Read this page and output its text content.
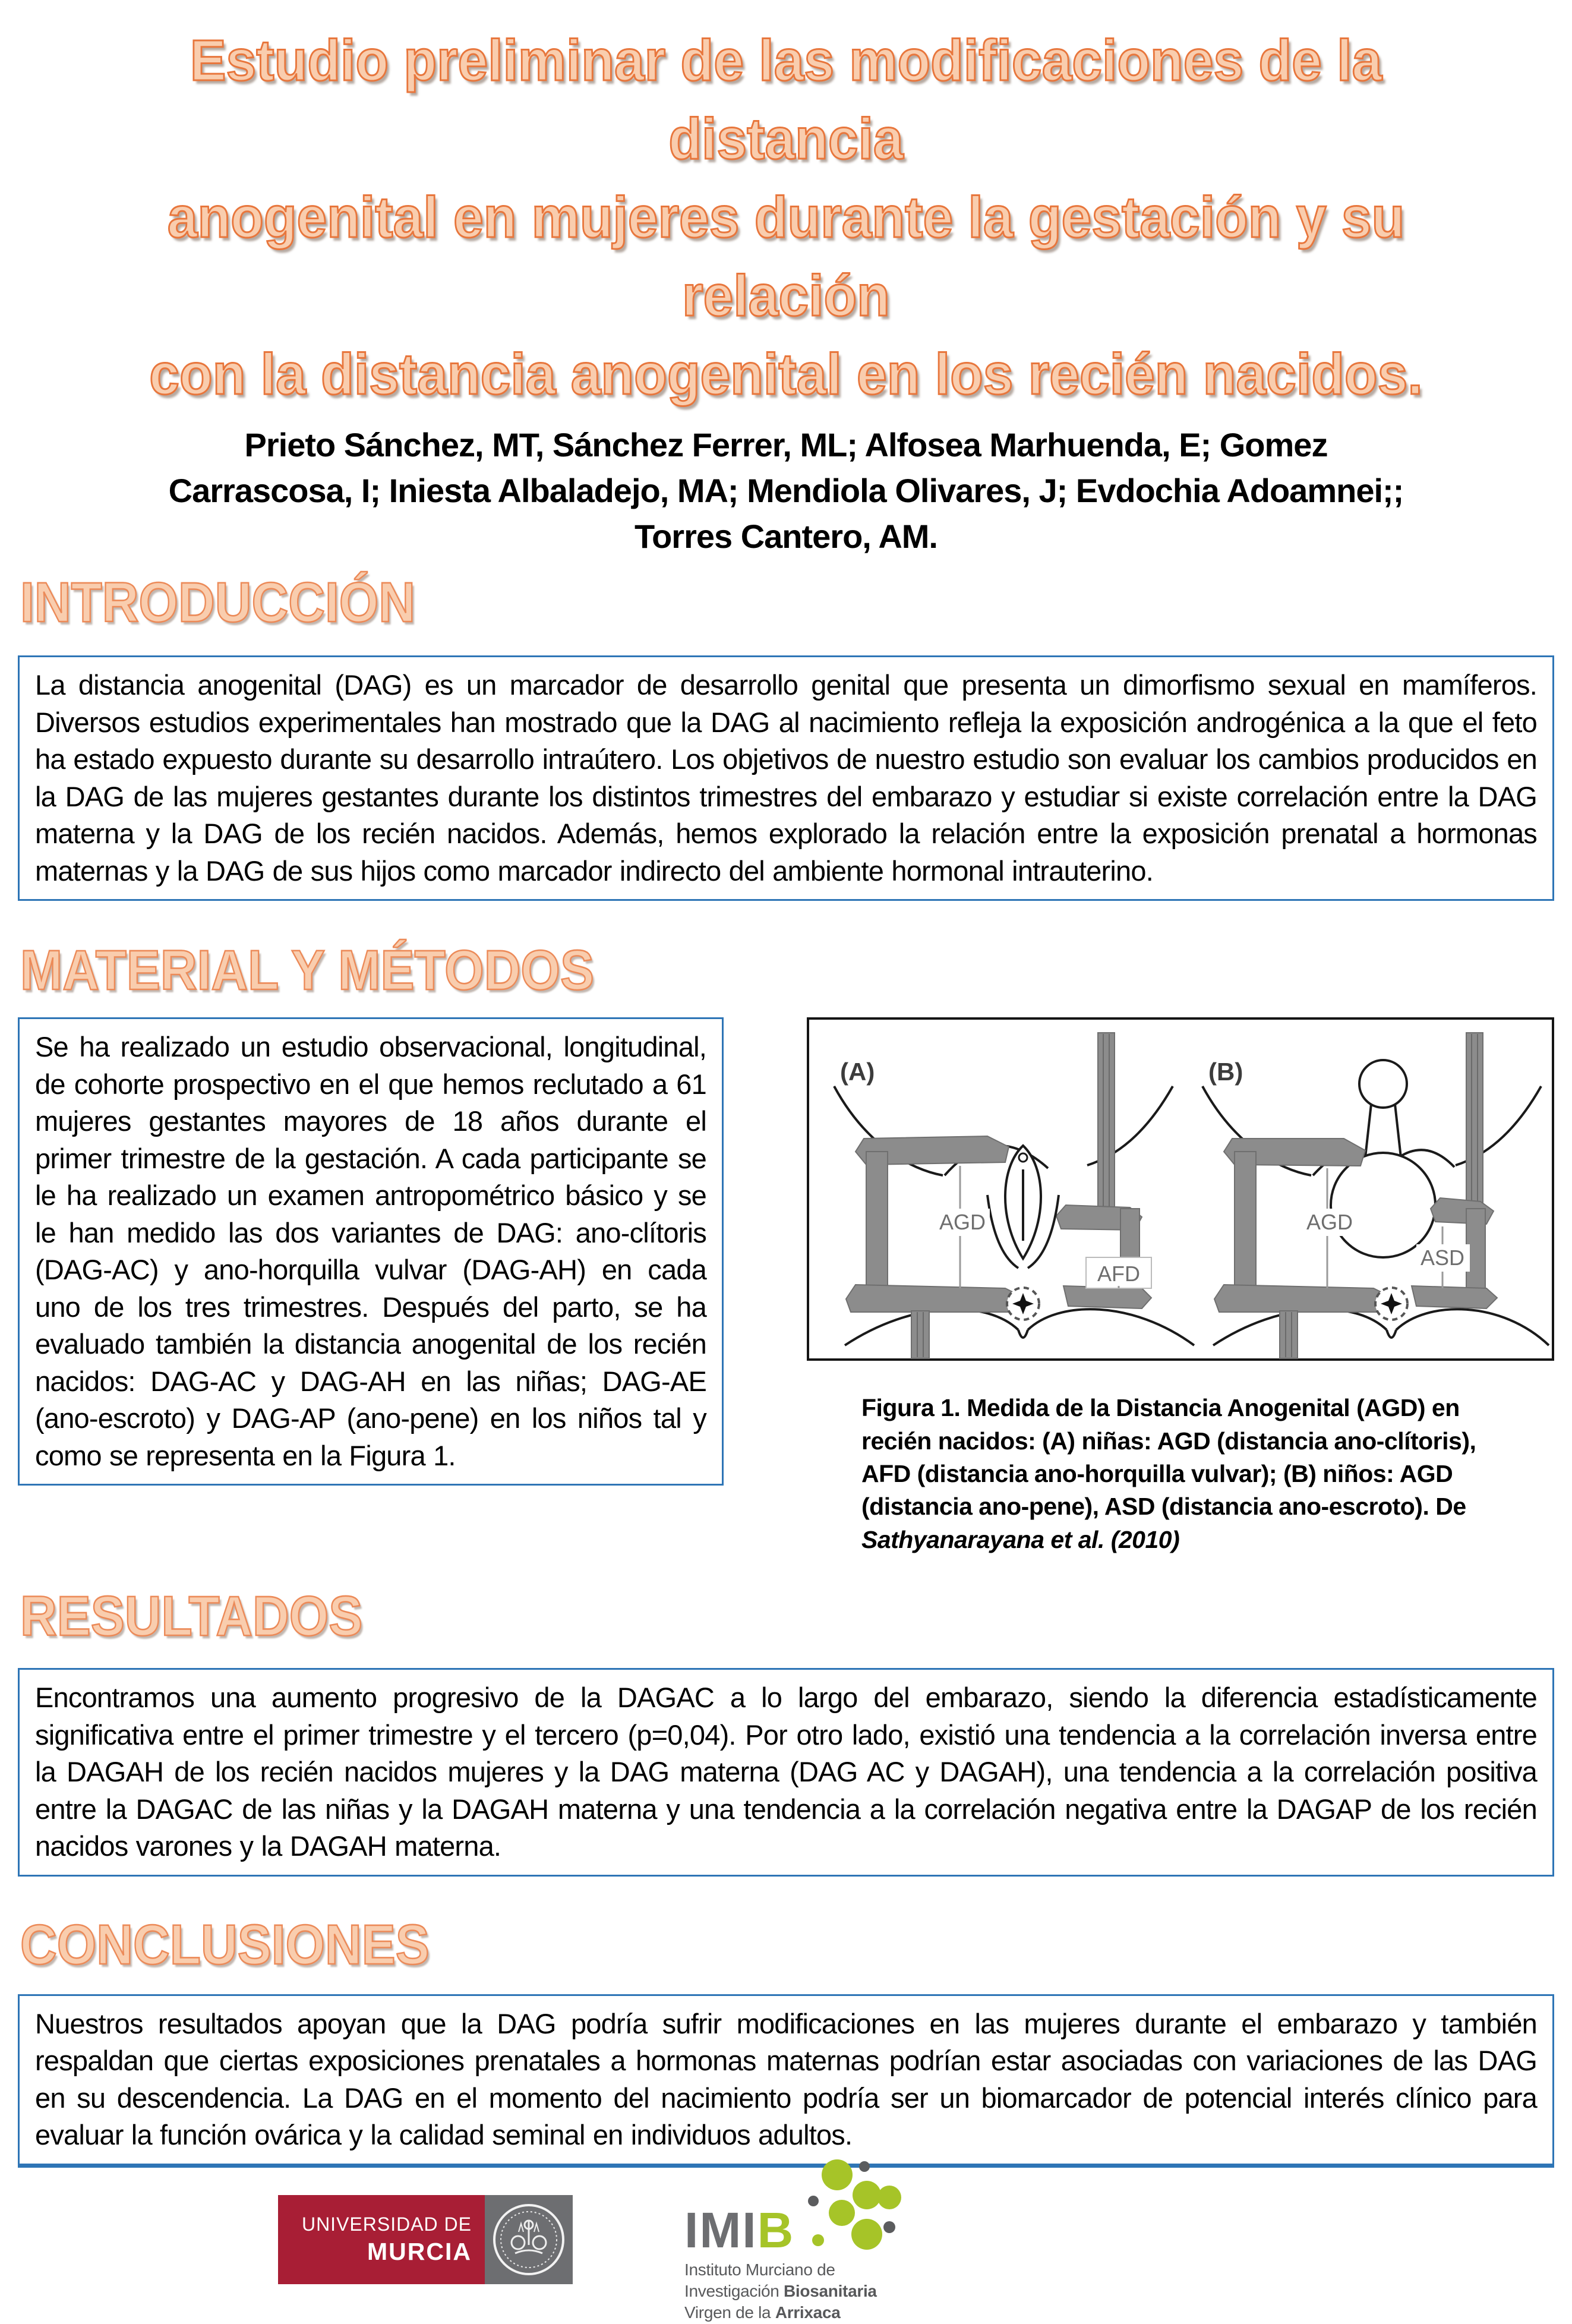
Estudio preliminar de las modificaciones de la distancia
anogenital en mujeres durante la gestación y su relación
con la distancia anogenital en los recién nacidos.
Prieto Sánchez, MT, Sánchez Ferrer, ML; Alfosea Marhuenda, E; Gomez
Carrascosa, I; Iniesta Albaladejo, MA; Mendiola Olivares, J; Evdochia Adoamnei;;
Torres Cantero, AM.
INTRODUCCIÓN
La distancia anogenital (DAG) es un marcador de desarrollo genital que presenta un dimorfismo sexual en mamíferos. Diversos estudios experimentales han mostrado que la DAG al nacimiento refleja la exposición androgénica a la que el feto ha estado expuesto durante su desarrollo intraútero. Los objetivos de nuestro estudio son evaluar los cambios producidos en la DAG de las mujeres gestantes durante los distintos trimestres del embarazo y estudiar si existe correlación entre la DAG materna y la DAG de los recién nacidos. Además, hemos explorado la relación entre la exposición prenatal a hormonas maternas y la DAG de sus hijos como marcador indirecto del ambiente hormonal intrauterino.
MATERIAL Y MÉTODOS
Se ha realizado un estudio observacional, longitudinal, de cohorte prospectivo en el que hemos reclutado a 61 mujeres gestantes mayores de 18 años durante el primer trimestre de la gestación. A cada participante se le ha realizado un examen antropométrico básico y se le han medido las dos variantes de DAG: ano-clítoris (DAG-AC) y ano-horquilla vulvar (DAG-AH) en cada uno de los tres trimestres. Después del parto, se ha evaluado también la distancia anogenital de los recién nacidos: DAG-AC y DAG-AH en las niñas; DAG-AE (ano-escroto) y DAG-AP (ano-pene) en los niños tal y como se representa en la Figura 1.
AGD
AFD
(A)
AGD
ASD
(B)
Figura 1. Medida de la Distancia Anogenital (AGD) en recién nacidos: (A) niñas: AGD (distancia ano-clítoris), AFD (distancia ano-horquilla vulvar); (B) niños: AGD (distancia ano-pene), ASD (distancia ano-escroto). De Sathyanarayana et al. (2010)
RESULTADOS
Encontramos una aumento progresivo de la DAGAC a lo largo del embarazo, siendo la diferencia estadísticamente significativa entre el primer trimestre y el tercero (p=0,04). Por otro lado, existió una tendencia a la correlación inversa entre la DAGAH de los recién nacidos mujeres y la DAG materna (DAG AC y DAGAH), una tendencia a la correlación positiva entre la DAGAC de las niñas y la DAGAH materna y una tendencia a la correlación negativa entre la DAGAP de los recién nacidos varones y la DAGAH materna.
CONCLUSIONES
Nuestros resultados apoyan que la DAG podría sufrir modificaciones en las mujeres durante el embarazo y también respaldan que ciertas exposiciones prenatales a hormonas maternas podrían estar asociadas con variaciones de las DAG en su descendencia. La DAG en el momento del nacimiento podría ser un biomarcador de potencial interés clínico para evaluar la función ovárica y la calidad seminal en individuos adultos.
UNIVERSIDAD DE
MURCIA	IMIB
Instituto Murciano de
Investigación Biosanitaria
Virgen de la Arrixaca
